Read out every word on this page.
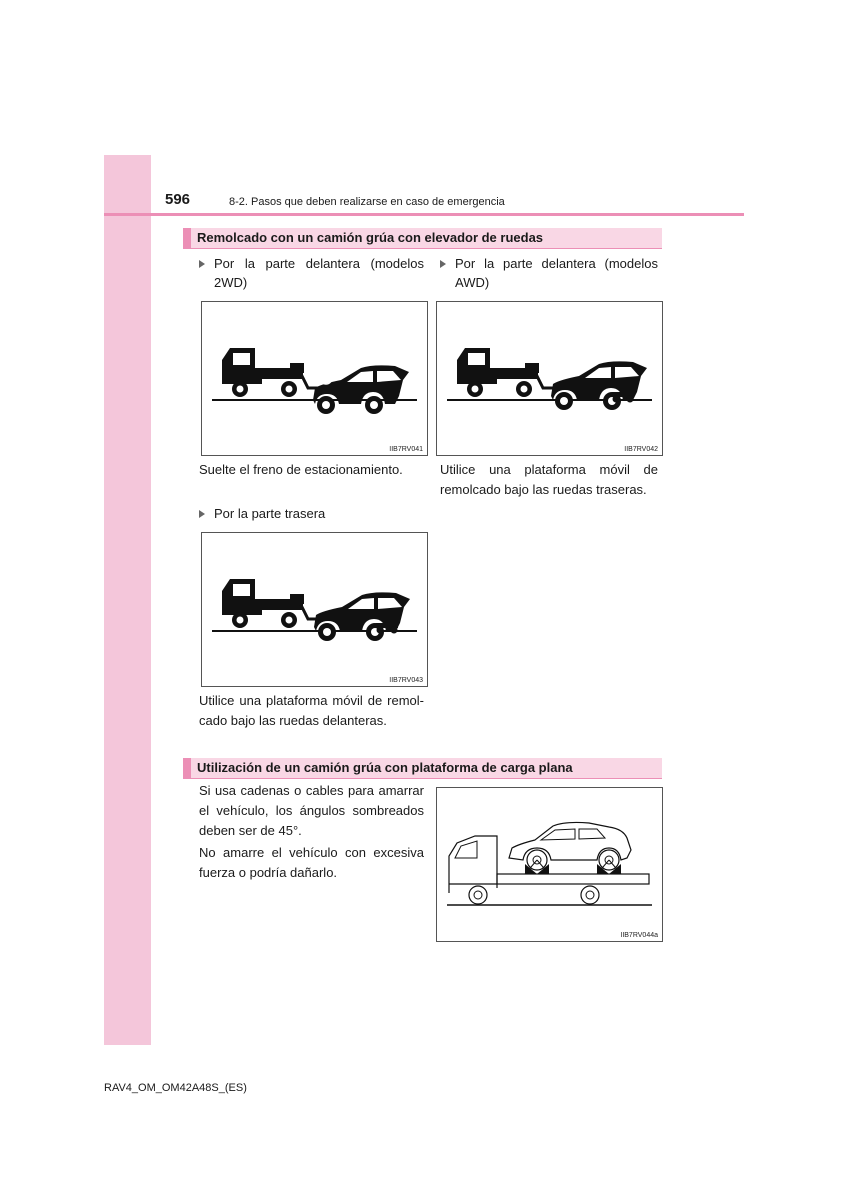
596	8-2. Pasos que deben realizarse en caso de emergencia
Remolcado con un camión grúa con elevador de ruedas
Por la parte delantera (modelos
2WD)
Por la parte delantera (modelos
AWD)
IIB7RV041	IIB7RV042
Suelte el freno de estacionamiento.	Utilice una plataforma móvil de
remolcado bajo las ruedas traseras.
Por la parte trasera
IIB7RV043
Utilice una plataforma móvil de remol-
cado bajo las ruedas delanteras.
Utilización de un camión grúa con plataforma de carga plana
Si usa cadenas o cables para amarrar
el vehículo, los ángulos sombreados
deben ser de 45°.
No amarre el vehículo con excesiva
fuerza o podría dañarlo.
IIB7RV044a
RAV4_OM_OM42A48S_(ES)
